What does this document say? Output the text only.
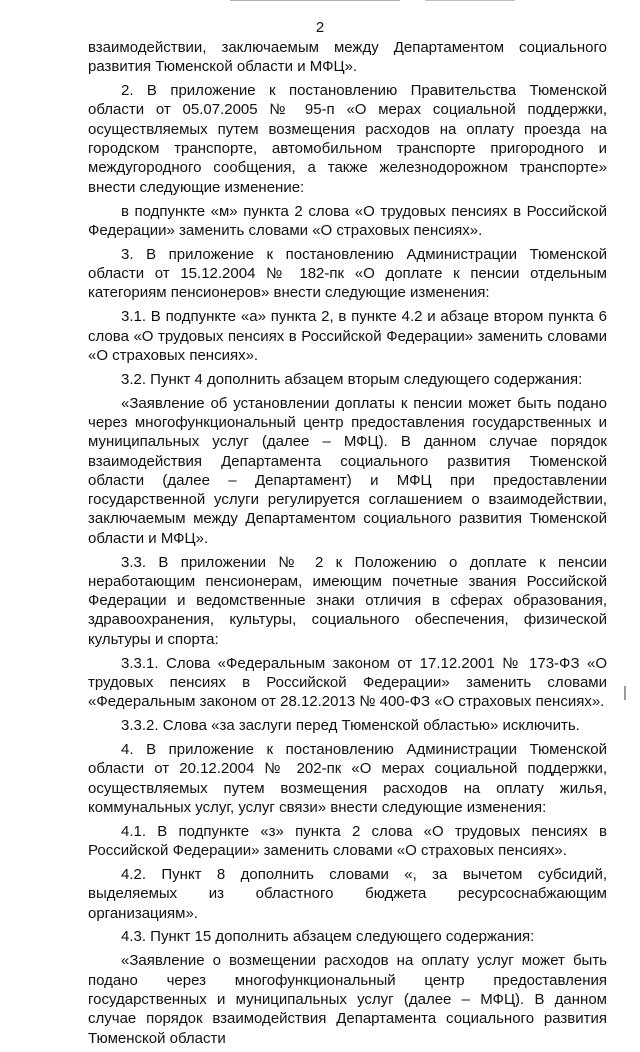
2

взаимодействии, заключаемым между Департаментом социального развития Тюменской области и МФЦ».

2. В приложение к постановлению Правительства Тюменской области от 05.07.2005 № 95-п «О мерах социальной поддержки, осуществляемых путем возмещения расходов на оплату проезда на городском транспорте, автомобильном транспорте пригородного и междугородного сообщения, а также железнодорожном транспорте» внести следующие изменение:

в подпункте «м» пункта 2 слова «О трудовых пенсиях в Российской Федерации» заменить словами «О страховых пенсиях».

3. В приложение к постановлению Администрации Тюменской области от 15.12.2004 № 182-пк «О доплате к пенсии отдельным категориям пенсионеров» внести следующие изменения:

3.1. В подпункте «а» пункта 2, в пункте 4.2 и абзаце втором пункта 6 слова «О трудовых пенсиях в Российской Федерации» заменить словами «О страховых пенсиях».

3.2. Пункт 4 дополнить абзацем вторым следующего содержания:

«Заявление об установлении доплаты к пенсии может быть подано через многофункциональный центр предоставления государственных и муниципальных услуг (далее – МФЦ). В данном случае порядок взаимодействия Департамента социального развития Тюменской области (далее – Департамент) и МФЦ при предоставлении государственной услуги регулируется соглашением о взаимодействии, заключаемым между Департаментом социального развития Тюменской области и МФЦ».

3.3. В приложении № 2 к Положению о доплате к пенсии неработающим пенсионерам, имеющим почетные звания Российской Федерации и ведомственные знаки отличия в сферах образования, здравоохранения, культуры, социального обеспечения, физической культуры и спорта:

3.3.1. Слова «Федеральным законом от 17.12.2001 № 173-ФЗ «О трудовых пенсиях в Российской Федерации» заменить словами «Федеральным законом от 28.12.2013 № 400-ФЗ «О страховых пенсиях».

3.3.2. Слова «за заслуги перед Тюменской областью» исключить.

4. В приложение к постановлению Администрации Тюменской области от 20.12.2004 № 202-пк «О мерах социальной поддержки, осуществляемых путем возмещения расходов на оплату жилья, коммунальных услуг, услуг связи» внести следующие изменения:

4.1. В подпункте «з» пункта 2 слова «О трудовых пенсиях в Российской Федерации» заменить словами «О страховых пенсиях».

4.2. Пункт 8 дополнить словами «, за вычетом субсидий, выделяемых из областного бюджета ресурсоснабжающим организациям».

4.3. Пункт 15 дополнить абзацем следующего содержания:

«Заявление о возмещении расходов на оплату услуг может быть подано через многофункциональный центр предоставления государственных и муниципальных услуг (далее – МФЦ). В данном случае порядок взаимодействия Департамента социального развития Тюменской области
